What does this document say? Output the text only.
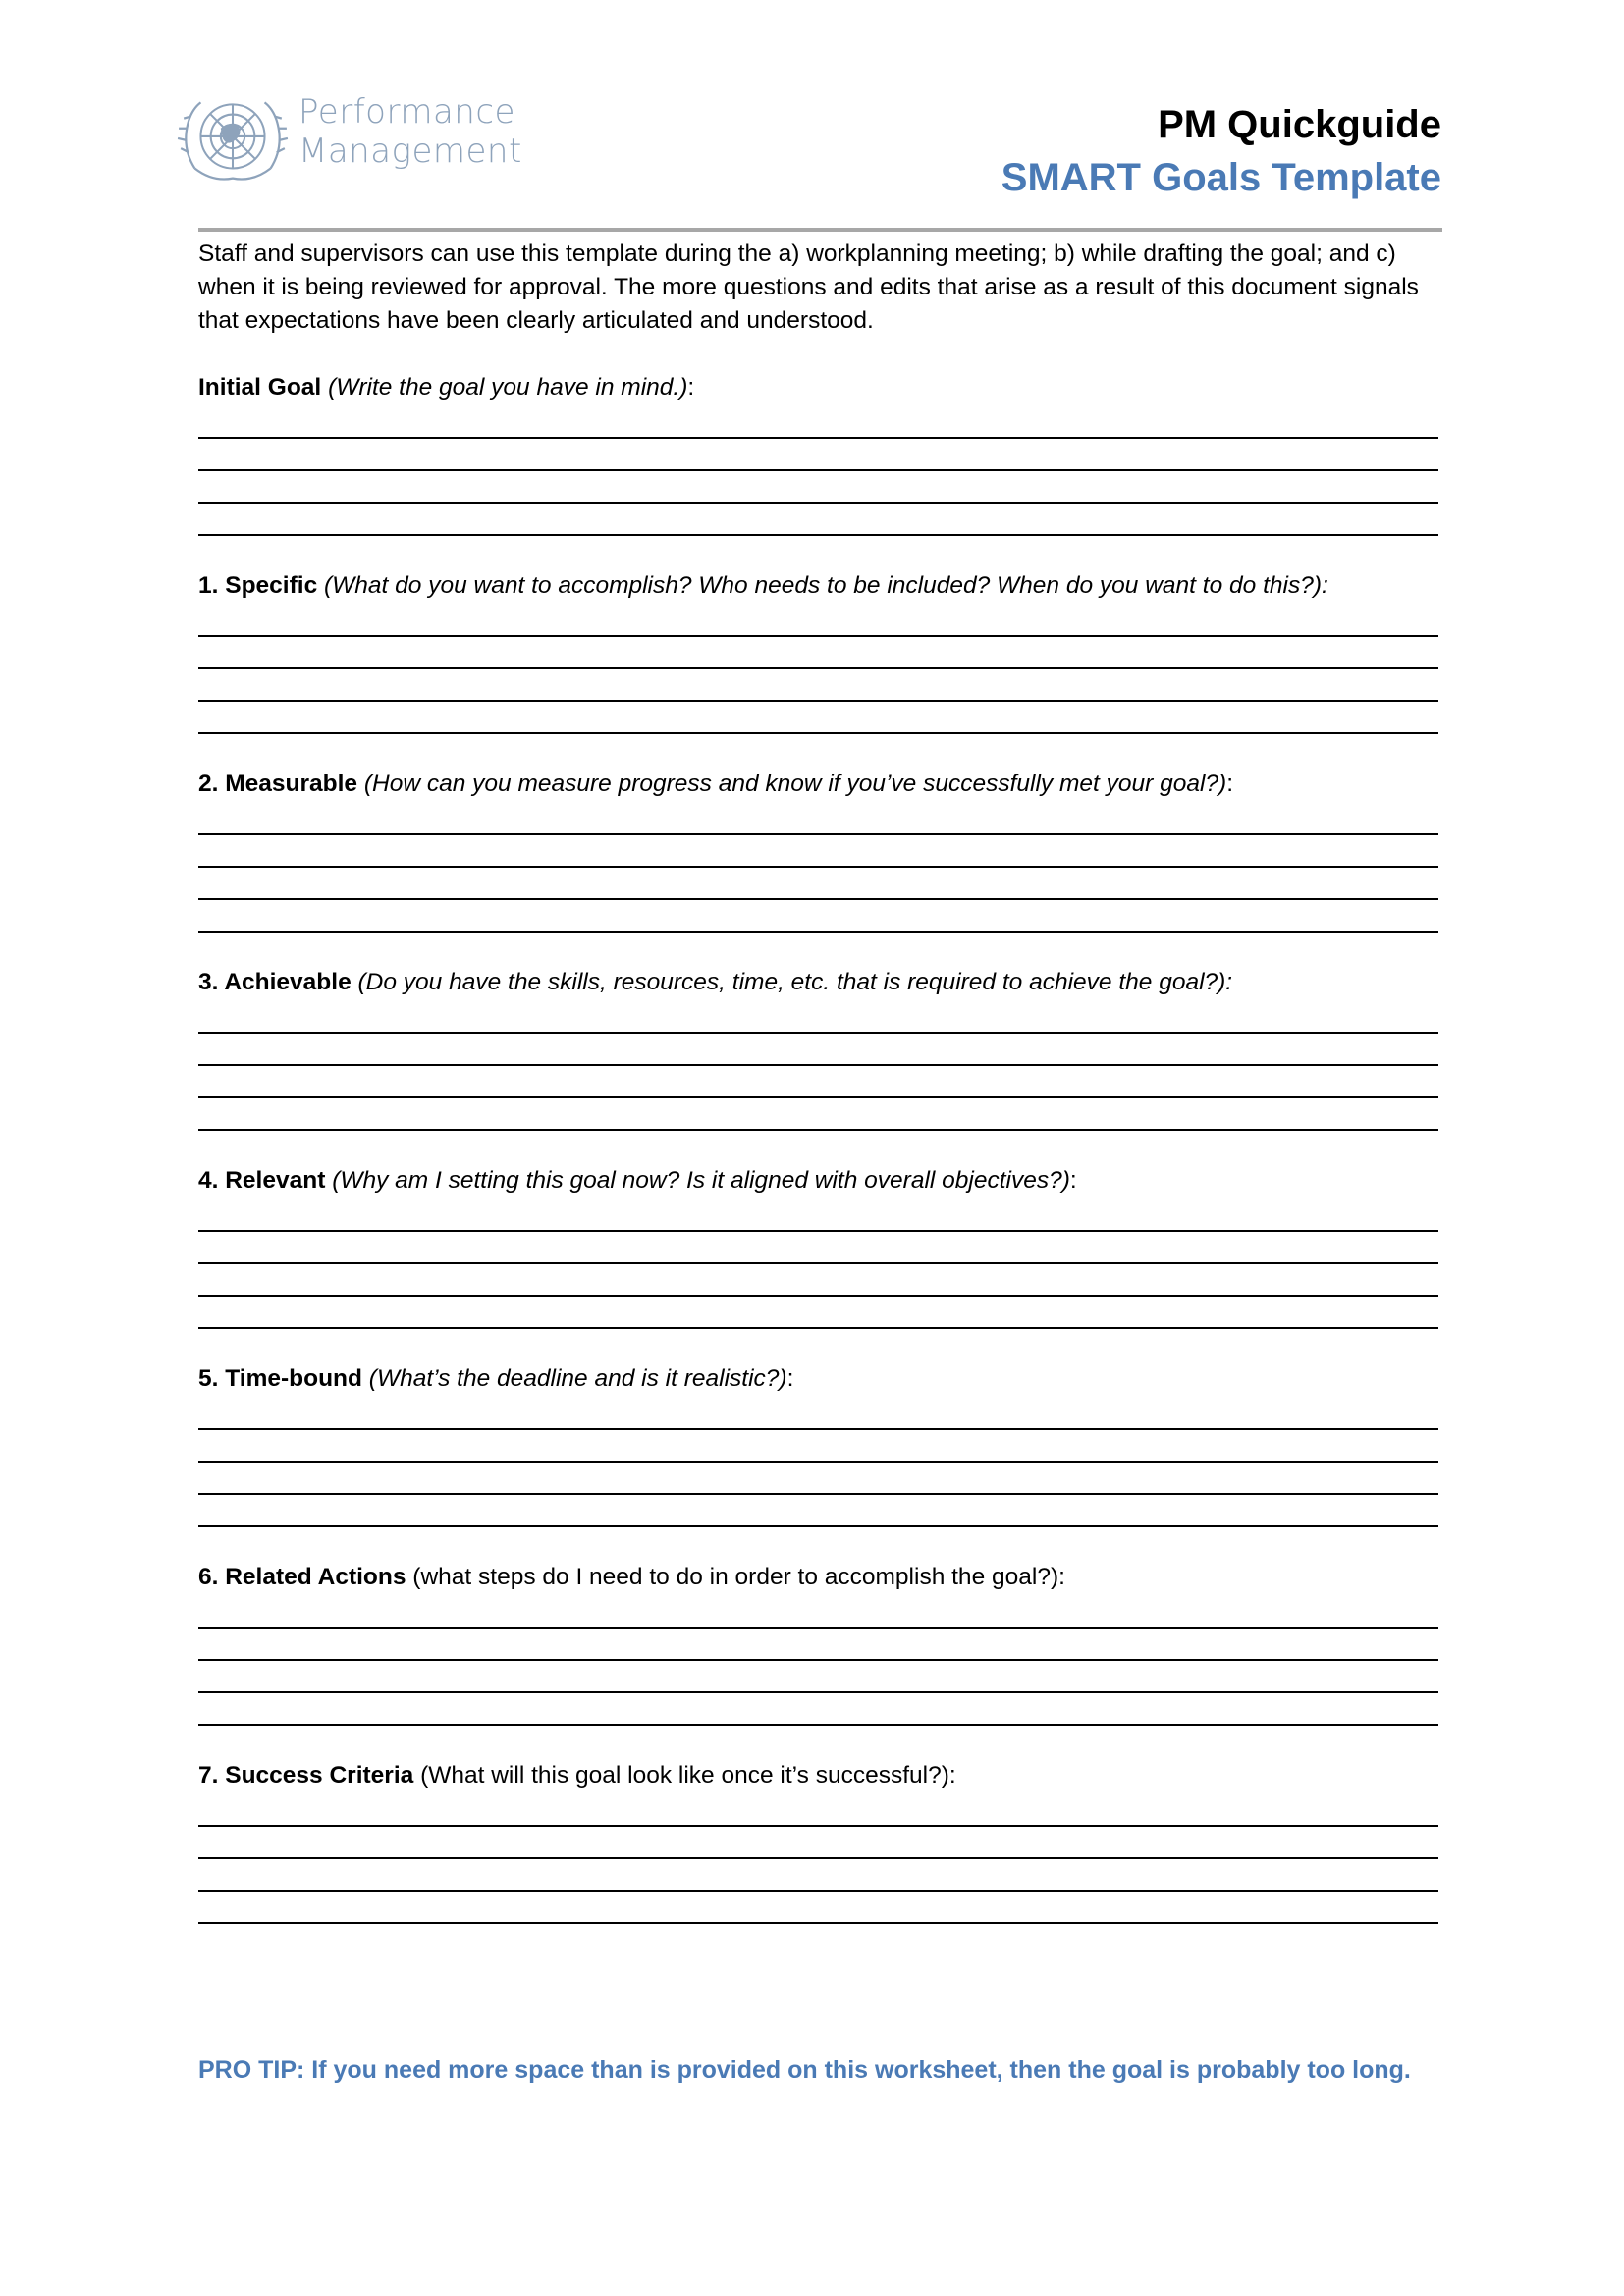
Performance
Management
PM Quickguide
SMART Goals Template

Staff and supervisors can use this template during the a) workplanning meeting; b) while drafting the goal; and c) when it is being reviewed for approval. The more questions and edits that arise as a result of this document signals that expectations have been clearly articulated and understood.

Initial Goal (Write the goal you have in mind.):

1. Specific (What do you want to accomplish? Who needs to be included? When do you want to do this?):

2. Measurable (How can you measure progress and know if you’ve successfully met your goal?):

3. Achievable (Do you have the skills, resources, time, etc. that is required to achieve the goal?):

4. Relevant (Why am I setting this goal now? Is it aligned with overall objectives?):

5. Time-bound (What’s the deadline and is it realistic?):

6. Related Actions (what steps do I need to do in order to accomplish the goal?):

7. Success Criteria (What will this goal look like once it’s successful?):

PRO TIP: If you need more space than is provided on this worksheet, then the goal is probably too long.
